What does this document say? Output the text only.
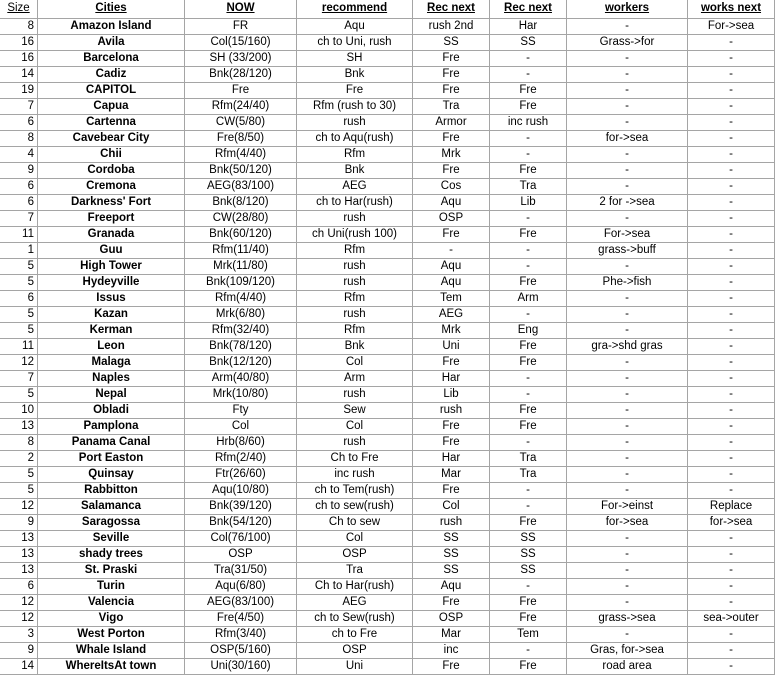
Size	Cities	NOW	recommend	Rec next	Rec next	workers	works next
8	Amazon Island	FR	Aqu	rush 2nd	Har	-	For->sea
16	Avila	Col(15/160)	ch to Uni, rush	SS	SS	Grass->for	-
16	Barcelona	SH (33/200)	SH	Fre	-	-	-
14	Cadiz	Bnk(28/120)	Bnk	Fre	-	-	-
19	CAPITOL	Fre	Fre	Fre	Fre	-	-
7	Capua	Rfm(24/40)	Rfm (rush to 30)	Tra	Fre	-	-
6	Cartenna	CW(5/80)	rush	Armor	inc rush	-	-
8	Cavebear City	Fre(8/50)	ch to Aqu(rush)	Fre	-	for->sea	-
4	Chii	Rfm(4/40)	Rfm	Mrk	-	-	-
9	Cordoba	Bnk(50/120)	Bnk	Fre	Fre	-	-
6	Cremona	AEG(83/100)	AEG	Cos	Tra	-	-
6	Darkness' Fort	Bnk(8/120)	ch to Har(rush)	Aqu	Lib	2 for ->sea	-
7	Freeport	CW(28/80)	rush	OSP	-	-	-
11	Granada	Bnk(60/120)	ch Uni(rush 100)	Fre	Fre	For->sea	-
1	Guu	Rfm(11/40)	Rfm	-	-	grass->buff	-
5	High Tower	Mrk(11/80)	rush	Aqu	-	-	-
5	Hydeyville	Bnk(109/120)	rush	Aqu	Fre	Phe->fish	-
6	Issus	Rfm(4/40)	Rfm	Tem	Arm	-	-
5	Kazan	Mrk(6/80)	rush	AEG	-	-	-
5	Kerman	Rfm(32/40)	Rfm	Mrk	Eng	-	-
11	Leon	Bnk(78/120)	Bnk	Uni	Fre	gra->shd gras	-
12	Malaga	Bnk(12/120)	Col	Fre	Fre	-	-
7	Naples	Arm(40/80)	Arm	Har	-	-	-
5	Nepal	Mrk(10/80)	rush	Lib	-	-	-
10	Obladi	Fty	Sew	rush	Fre	-	-
13	Pamplona	Col	Col	Fre	Fre	-	-
8	Panama Canal	Hrb(8/60)	rush	Fre	-	-	-
2	Port Easton	Rfm(2/40)	Ch to Fre	Har	Tra	-	-
5	Quinsay	Ftr(26/60)	inc rush	Mar	Tra	-	-
5	Rabbitton	Aqu(10/80)	ch to Tem(rush)	Fre	-	-	-
12	Salamanca	Bnk(39/120)	ch to sew(rush)	Col	-	For->einst	Replace
9	Saragossa	Bnk(54/120)	Ch to sew	rush	Fre	for->sea	for->sea
13	Seville	Col(76/100)	Col	SS	SS	-	-
13	shady trees	OSP	OSP	SS	SS	-	-
13	St. Praski	Tra(31/50)	Tra	SS	SS	-	-
6	Turin	Aqu(6/80)	Ch to Har(rush)	Aqu	-	-	-
12	Valencia	AEG(83/100)	AEG	Fre	Fre	-	-
12	Vigo	Fre(4/50)	ch to Sew(rush)	OSP	Fre	grass->sea	sea->outer
3	West Porton	Rfm(3/40)	ch to Fre	Mar	Tem	-	-
9	Whale Island	OSP(5/160)	OSP	inc	-	Gras, for->sea	-
14	WhereItsAt town	Uni(30/160)	Uni	Fre	Fre	road area	-
